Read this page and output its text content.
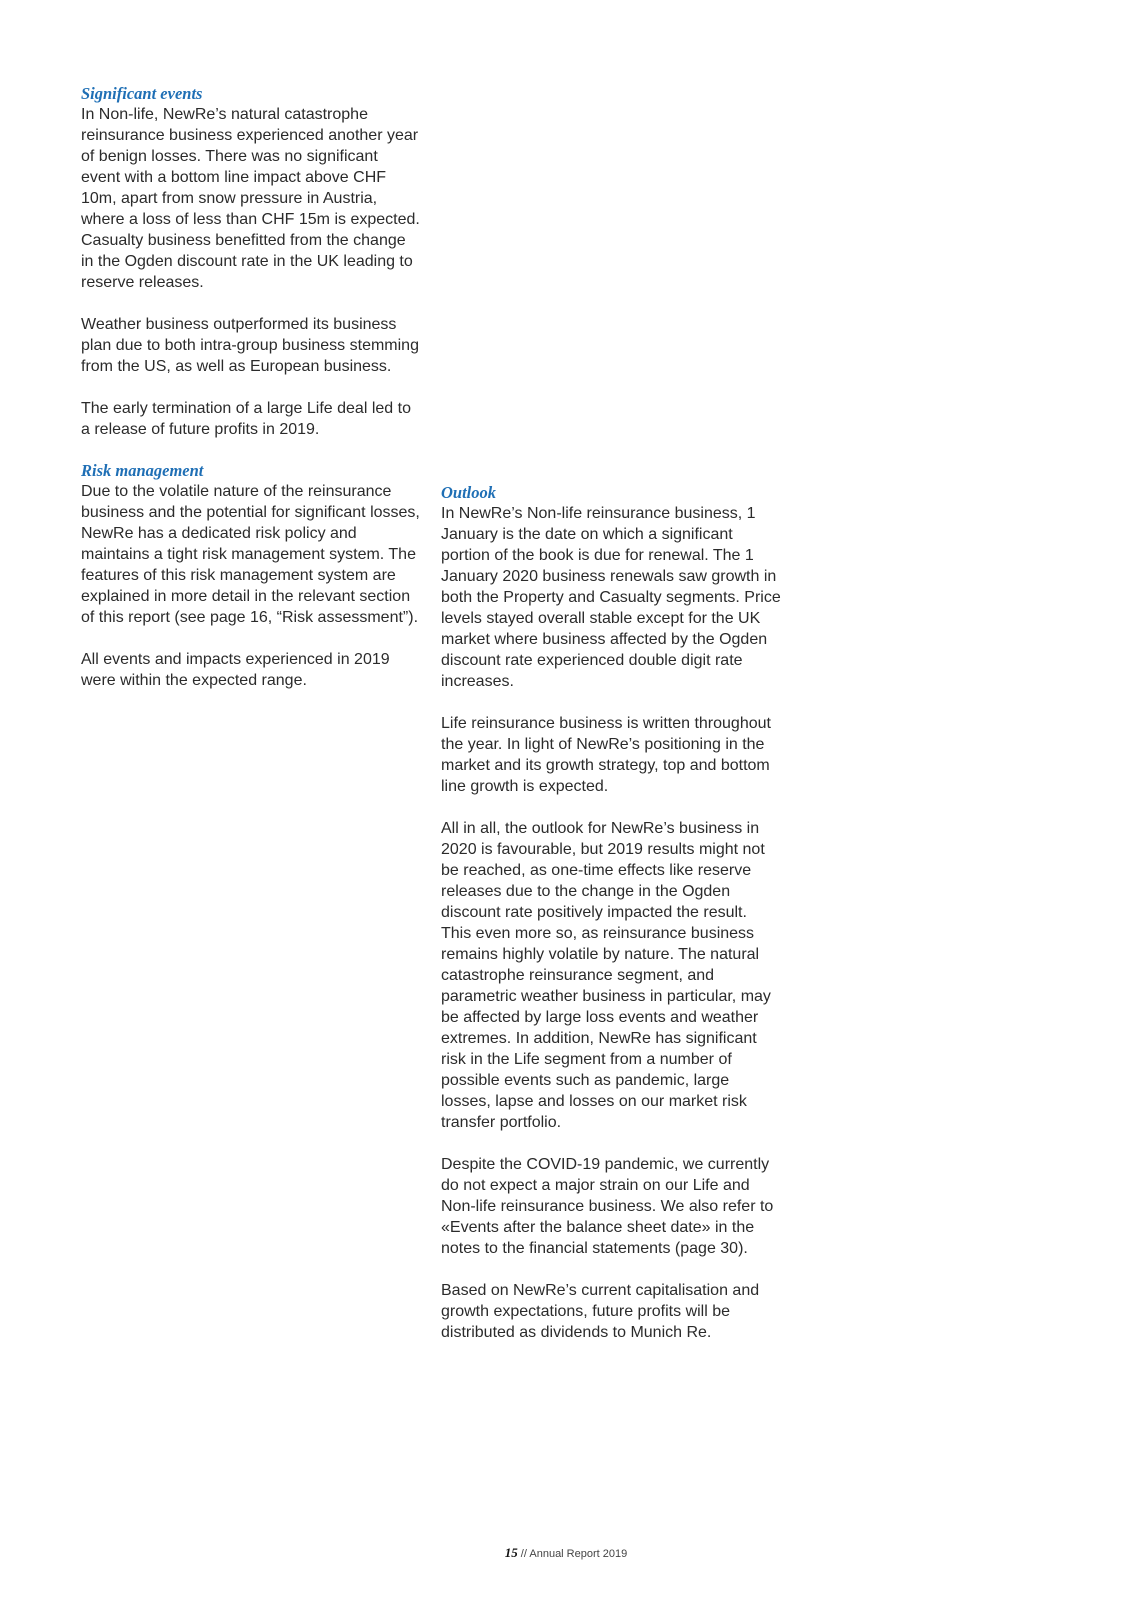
Significant events

In Non-life, NewRe’s natural catastrophe reinsurance business experienced another year of benign losses. There was no significant event with a bottom line impact above CHF 10m, apart from snow pressure in Austria, where a loss of less than CHF 15m is expected. Casualty business benefitted from the change in the Ogden discount rate in the UK leading to reserve releases.

Weather business outperformed its business plan due to both intra-group business stemming from the US, as well as European business.

The early termination of a large Life deal led to a release of future profits in 2019.

Risk management

Due to the volatile nature of the reinsurance business and the potential for significant losses, NewRe has a dedicated risk policy and maintains a tight risk management system. The features of this risk management system are explained in more detail in the relevant section of this report (see page 16, “Risk assessment”).

All events and impacts experienced in 2019 were within the expected range.

Outlook

In NewRe’s Non-life reinsurance business, 1 January is the date on which a significant portion of the book is due for renewal. The 1 January 2020 business renewals saw growth in both the Property and Casualty segments. Price levels stayed overall stable except for the UK market where business affected by the Ogden discount rate experienced double digit rate increases.

Life reinsurance business is written throughout the year. In light of NewRe’s positioning in the market and its growth strategy, top and bottom line growth is expected.

All in all, the outlook for NewRe’s business in 2020 is favourable, but 2019 results might not be reached, as one-time effects like reserve releases due to the change in the Ogden discount rate positively impacted the result. This even more so, as reinsurance business remains highly volatile by nature. The natural catastrophe reinsurance segment, and parametric weather business in particular, may be affected by large loss events and weather extremes. In addition, NewRe has significant risk in the Life segment from a number of possible events such as pandemic, large losses, lapse and losses on our market risk transfer portfolio.

Despite the COVID-19 pandemic, we currently do not expect a major strain on our Life and Non-life reinsurance business. We also refer to «Events after the balance sheet date» in the notes to the financial statements (page 30).

Based on NewRe’s current capitalisation and growth expectations, future profits will be distributed as dividends to Munich Re.

15 // Annual Report 2019
